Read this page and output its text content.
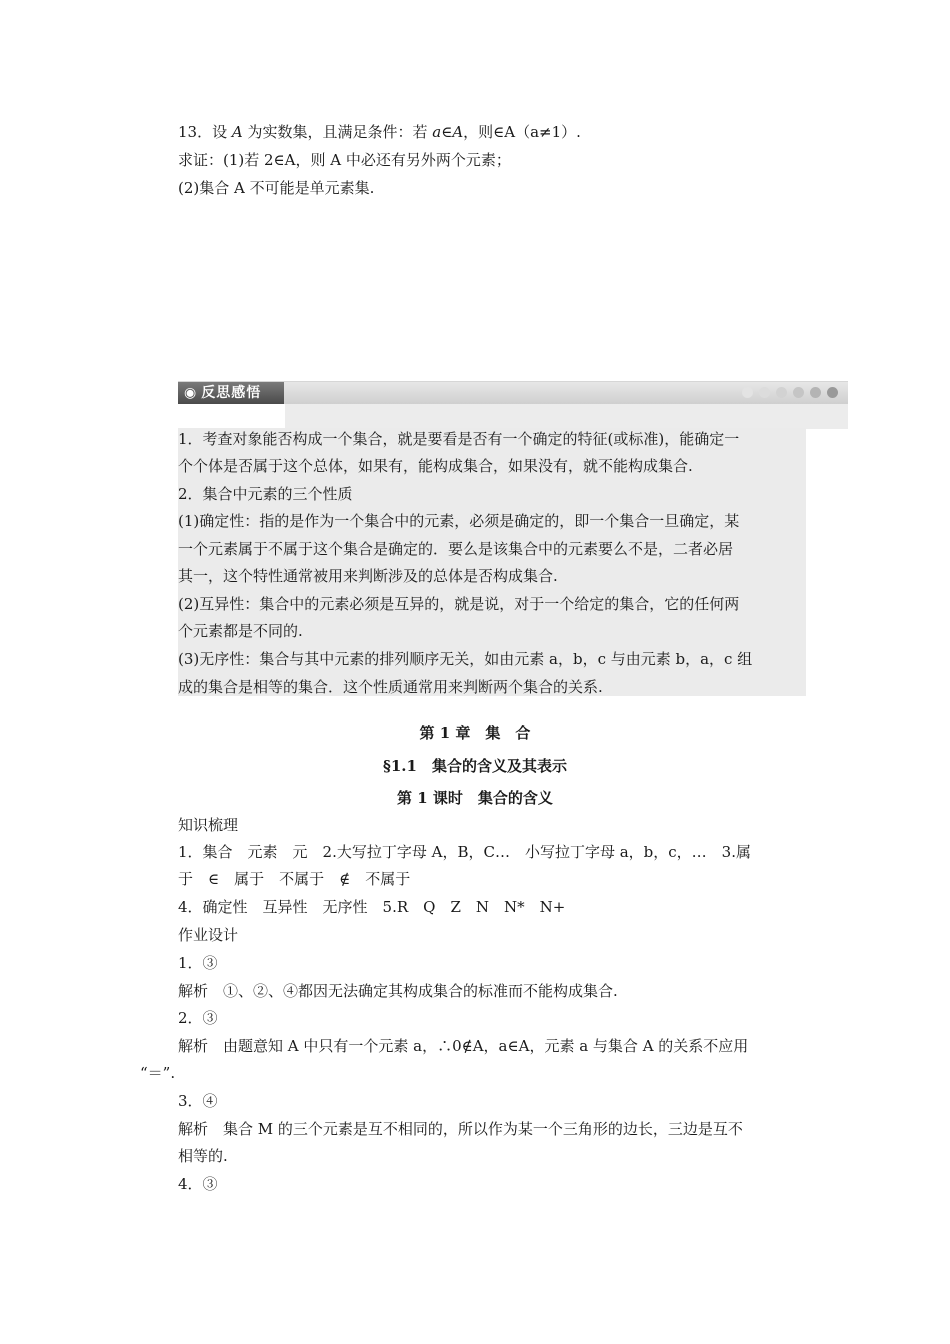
13．设 A 为实数集，且满足条件：若 a∈A，则∈A（a≠1）.
求证：(1)若 2∈A，则 A 中必还有另外两个元素；
(2)集合 A 不可能是单元素集.
◉ 反思感悟
1．考查对象能否构成一个集合，就是要看是否有一个确定的特征(或标准)，能确定一
个个体是否属于这个总体，如果有，能构成集合，如果没有，就不能构成集合.
2．集合中元素的三个性质
(1)确定性：指的是作为一个集合中的元素，必须是确定的，即一个集合一旦确定，某
一个元素属于不属于这个集合是确定的．要么是该集合中的元素要么不是，二者必居
其一，这个特性通常被用来判断涉及的总体是否构成集合.
(2)互异性：集合中的元素必须是互异的，就是说，对于一个给定的集合，它的任何两
个元素都是不同的.
(3)无序性：集合与其中元素的排列顺序无关，如由元素 a，b，c 与由元素 b，a，c 组
成的集合是相等的集合．这个性质通常用来判断两个集合的关系.
第 1 章　集　合
§1.1　集合的含义及其表示
第 1 课时　集合的含义
知识梳理
1．集合　元素　元　2.大写拉丁字母 A，B，C…　小写拉丁字母 a，b，c，…　3.属
于　∈　属于　不属于　∉　不属于
4．确定性　互异性　无序性　5.R　Q　Z　N　N*　N+
作业设计
1．③
解析　①、②、④都因无法确定其构成集合的标准而不能构成集合.
2．③
解析　由题意知 A 中只有一个元素 a，∴0∉A，a∈A，元素 a 与集合 A 的关系不应用
“＝”.
3．④
解析　集合 M 的三个元素是互不相同的，所以作为某一个三角形的边长，三边是互不
相等的.
4．③
